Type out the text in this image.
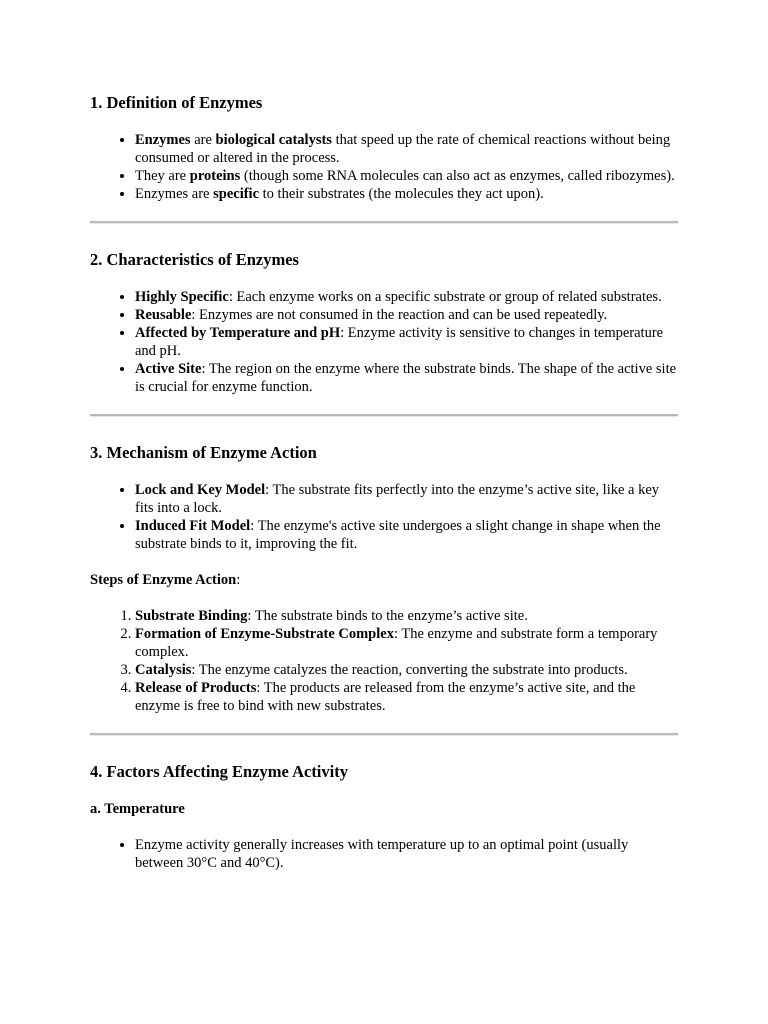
1. Definition of Enzymes
• Enzymes are biological catalysts that speed up the rate of chemical reactions without being consumed or altered in the process.
• They are proteins (though some RNA molecules can also act as enzymes, called ribozymes).
• Enzymes are specific to their substrates (the molecules they act upon).
2. Characteristics of Enzymes
• Highly Specific: Each enzyme works on a specific substrate or group of related substrates.
• Reusable: Enzymes are not consumed in the reaction and can be used repeatedly.
• Affected by Temperature and pH: Enzyme activity is sensitive to changes in temperature and pH.
• Active Site: The region on the enzyme where the substrate binds. The shape of the active site is crucial for enzyme function.
3. Mechanism of Enzyme Action
• Lock and Key Model: The substrate fits perfectly into the enzyme’s active site, like a key fits into a lock.
• Induced Fit Model: The enzyme's active site undergoes a slight change in shape when the substrate binds to it, improving the fit.

Steps of Enzyme Action:

1. Substrate Binding: The substrate binds to the enzyme’s active site.
2. Formation of Enzyme-Substrate Complex: The enzyme and substrate form a temporary complex.
3. Catalysis: The enzyme catalyzes the reaction, converting the substrate into products.
4. Release of Products: The products are released from the enzyme’s active site, and the enzyme is free to bind with new substrates.
4. Factors Affecting Enzyme Activity
a. Temperature
• Enzyme activity generally increases with temperature up to an optimal point (usually between 30°C and 40°C).
